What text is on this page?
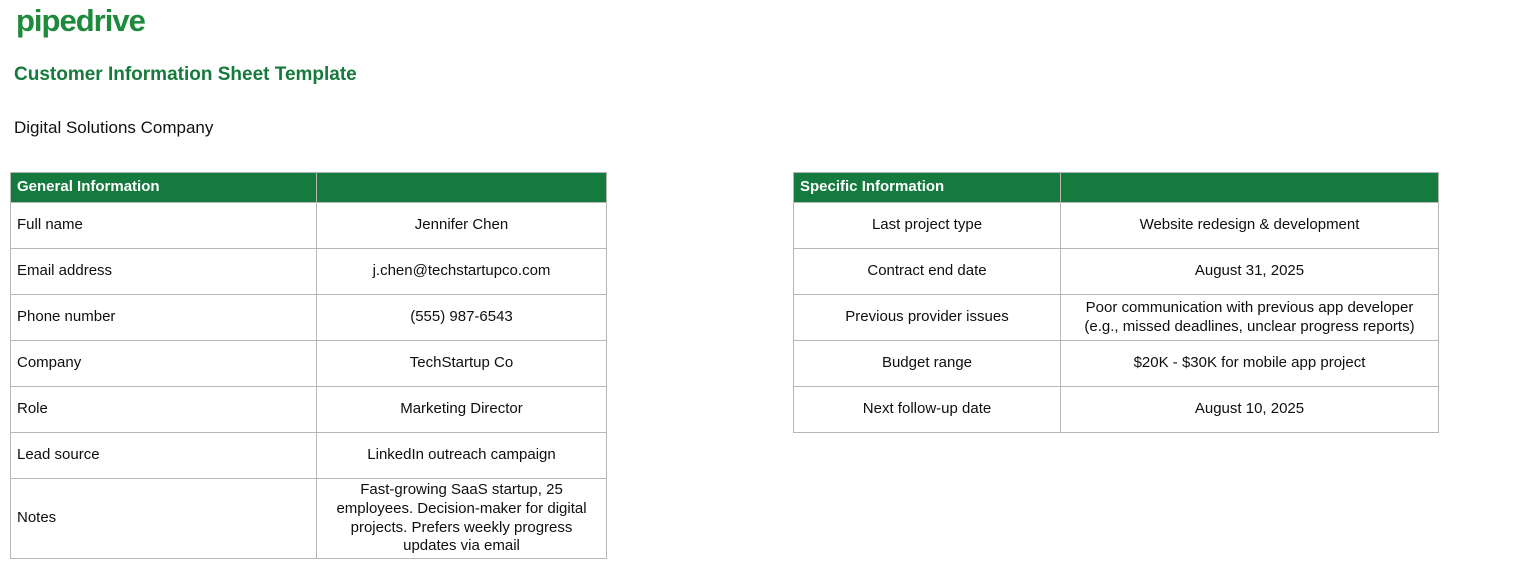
pipedrive
Customer Information Sheet Template
Digital Solutions Company
General Information	
Full name	Jennifer Chen
Email address	j.chen@techstartupco.com
Phone number	(555) 987-6543
Company	TechStartup Co
Role	Marketing Director
Lead source	LinkedIn outreach campaign
Notes	Fast-growing SaaS startup, 25 employees. Decision-maker for digital projects. Prefers weekly progress updates via email
Specific Information	
Last project type	Website redesign & development
Contract end date	August 31, 2025
Previous provider issues	Poor communication with previous app developer (e.g., missed deadlines, unclear progress reports)
Budget range	$20K - $30K for mobile app project
Next follow-up date	August 10, 2025
